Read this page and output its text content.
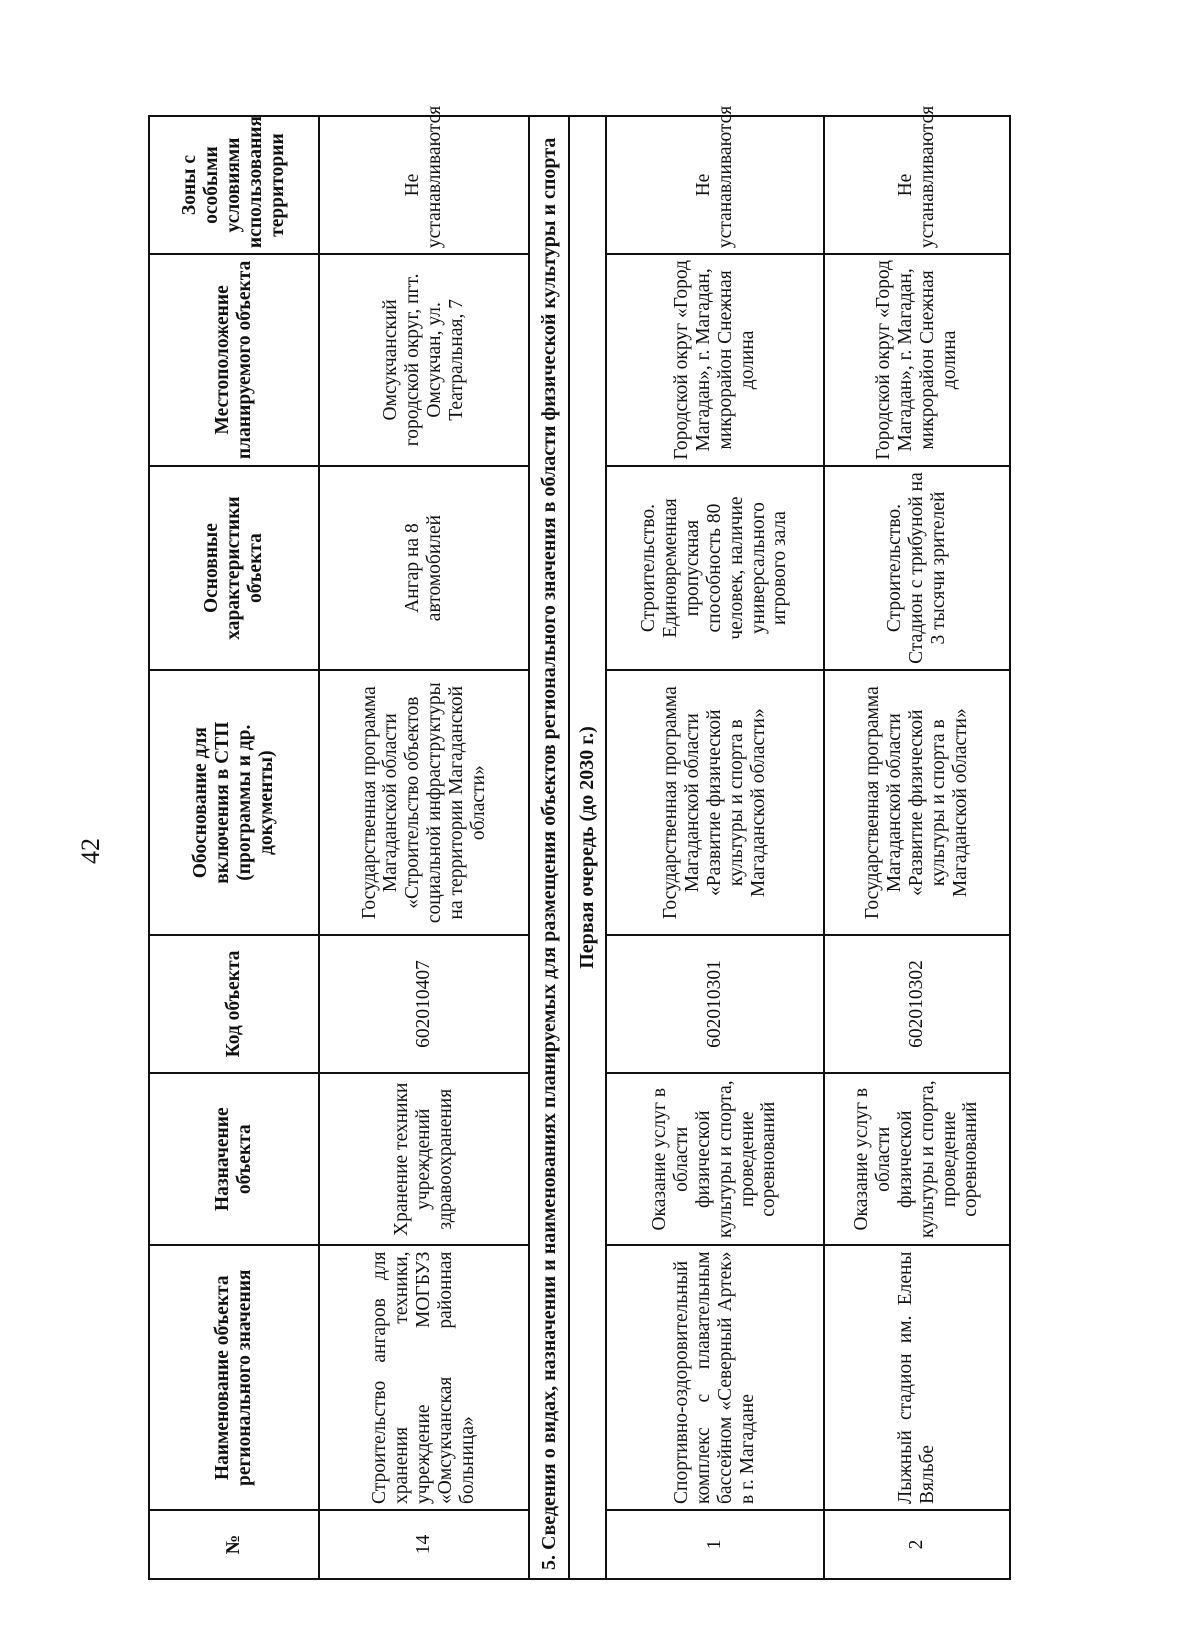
42
№	Наименование объекта регионального значения	Назначение объекта	Код объекта	Обоснование для включения в СТП (программы и др. документы)	Основные характеристики объекта	Местоположение планируемого объекта	Зоны с особыми условиями использования территории
14	Строительство ангаров для хранения техники, учреждение МОГБУЗ «Омсукчанская районная больница»	Хранение техники учреждений здравоохранения	602010407	Государственная программа Магаданской области «Строительство объектов социальной инфраструктуры на территории Магаданской области»	Ангар на 8 автомобилей	Омсукчанский городской округ, пгт. Омсукчан, ул. Театральная, 7	Не устанавливаются
5. Сведения о видах, назначении и наименованиях планируемых для размещения объектов регионального значения в области физической культуры и спорта							
Первая очередь (до 2030 г.)							
1	Спортивно-оздоровительный комплекс с плавательным бассейном «Северный Артек» в г. Магадане	Оказание услуг в области физической культуры и спорта, проведение соревнований	602010301	Государственная программа Магаданской области «Развитие физической культуры и спорта в Магаданской области»	Строительство. Единовременная пропускная способность 80 человек, наличие универсального игрового зала	Городской округ «Город Магадан», г. Магадан, микрорайон Снежная долина	Не устанавливаются
2	Лыжный стадион им. Елены Вяльбе	Оказание услуг в области физической культуры и спорта, проведение соревнований	602010302	Государственная программа Магаданской области «Развитие физической культуры и спорта в Магаданской области»	Строительство. Стадион с трибуной на 3 тысячи зрителей	Городской округ «Город Магадан», г. Магадан, микрорайон Снежная долина	Не устанавливаются
